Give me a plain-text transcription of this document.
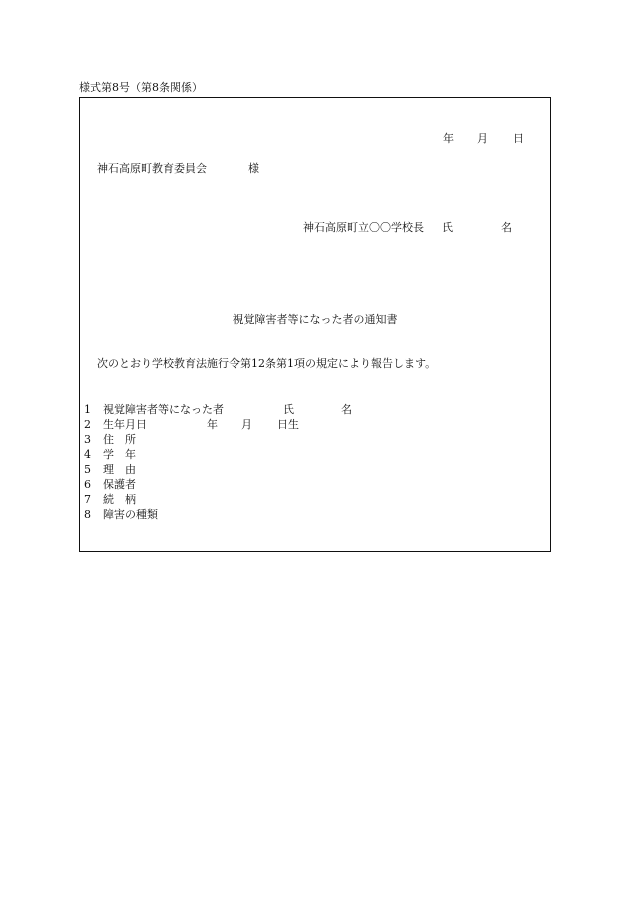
様式第8号（第8条関係）
年 月 日
神石高原町教育委員会	様
神石高原町立〇〇学校長 氏	名
視覚障害者等になった者の通知書
次のとおり学校教育法施行令第12条第1項の規定により報告します。
1 視覚障害者等になった者	氏	名
2 生年月日	年 月 日生
3 住　所
4 学　年
5 理　由
6 保護者
7 続　柄
8 障害の種類
